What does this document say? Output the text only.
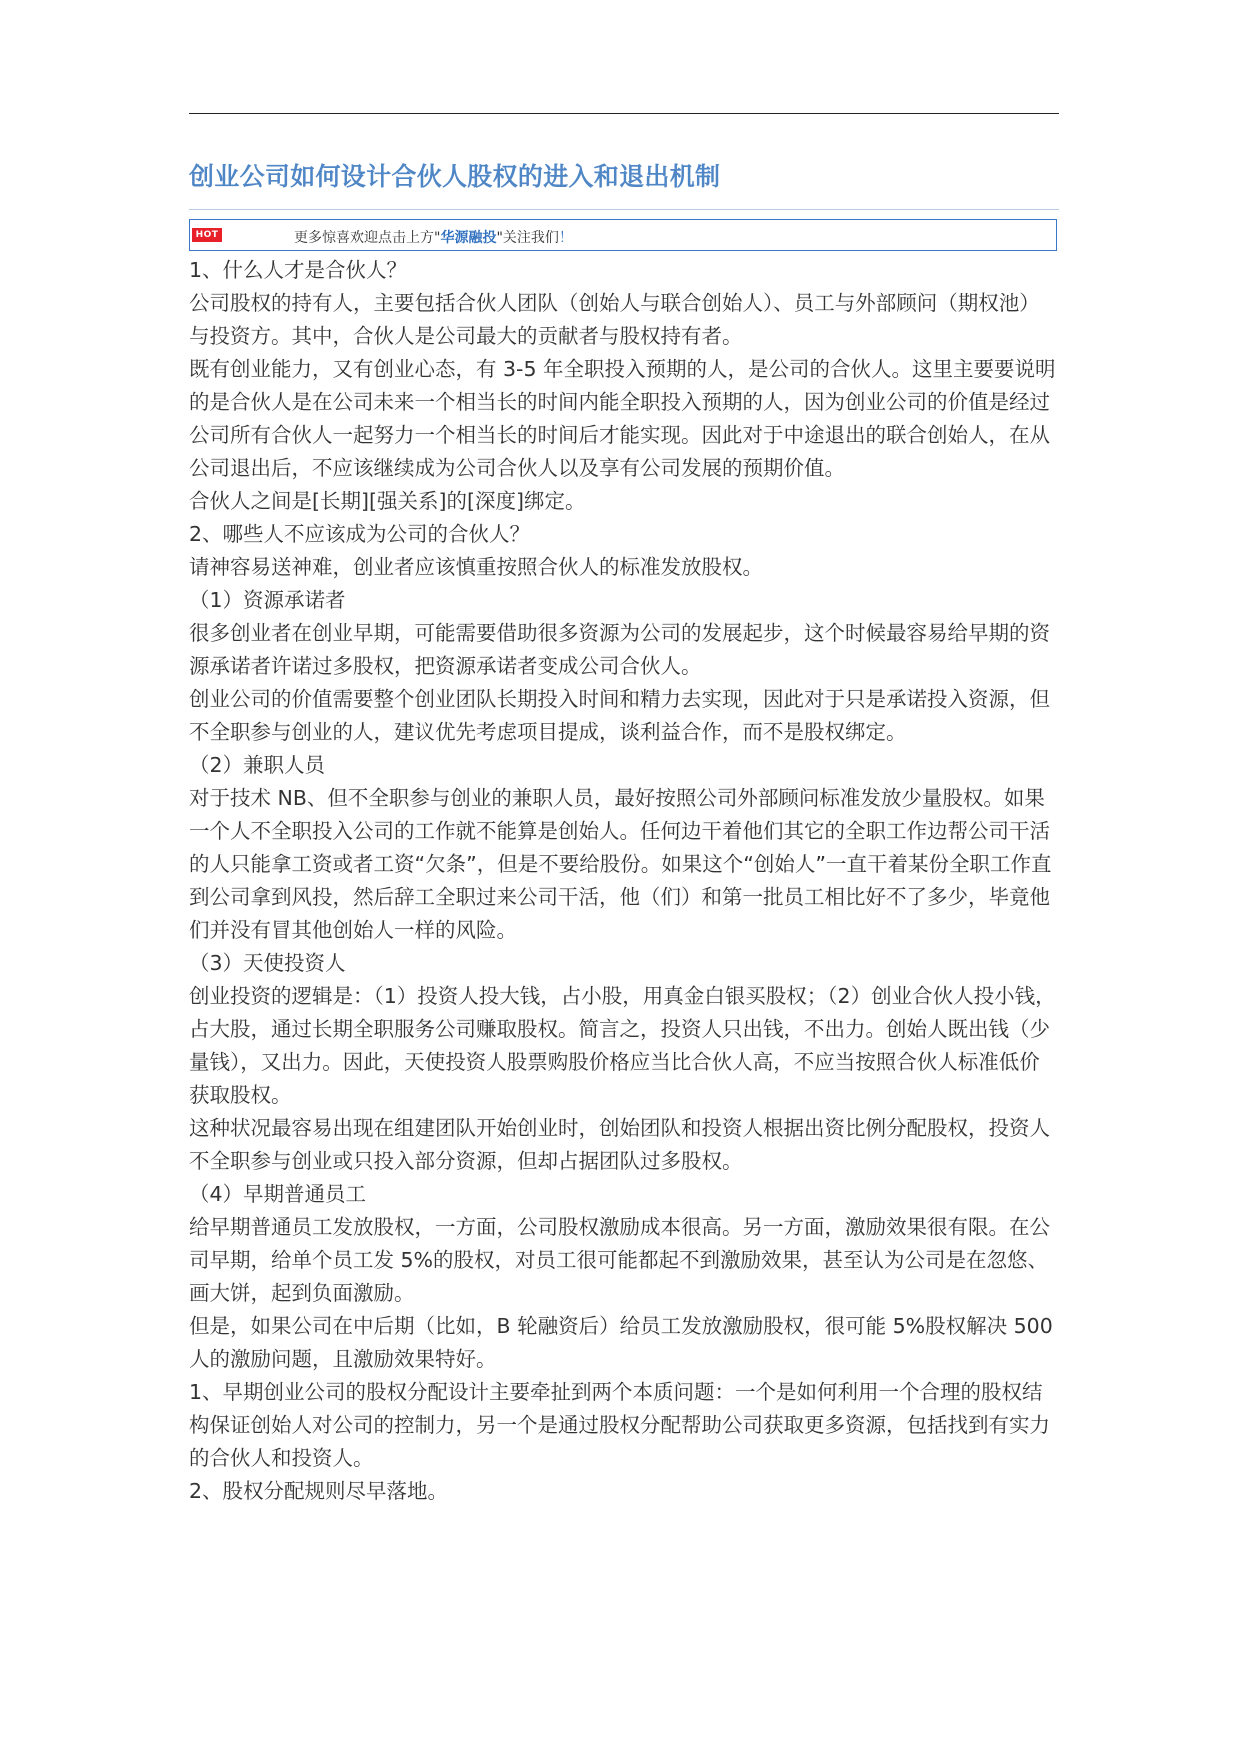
创业公司如何设计合伙人股权的进入和退出机制
HOT	更多惊喜欢迎点击上方"华源融投"关注我们！

1、什么人才是合伙人？

公司股权的持有人，主要包括合伙人团队（创始人与联合创始人）、员工与外部顾问（期权池）与投资方。其中，合伙人是公司最大的贡献者与股权持有者。

既有创业能力，又有创业心态，有 3-5 年全职投入预期的人，是公司的合伙人。这里主要要说明的是合伙人是在公司未来一个相当长的时间内能全职投入预期的人，因为创业公司的价值是经过公司所有合伙人一起努力一个相当长的时间后才能实现。因此对于中途退出的联合创始人，在从公司退出后，不应该继续成为公司合伙人以及享有公司发展的预期价值。

合伙人之间是[长期][强关系]的[深度]绑定。

2、哪些人不应该成为公司的合伙人？

请神容易送神难，创业者应该慎重按照合伙人的标准发放股权。

（1）资源承诺者

很多创业者在创业早期，可能需要借助很多资源为公司的发展起步，这个时候最容易给早期的资源承诺者许诺过多股权，把资源承诺者变成公司合伙人。

创业公司的价值需要整个创业团队长期投入时间和精力去实现，因此对于只是承诺投入资源，但不全职参与创业的人，建议优先考虑项目提成，谈利益合作，而不是股权绑定。

（2）兼职人员

对于技术 NB、但不全职参与创业的兼职人员，最好按照公司外部顾问标准发放少量股权。如果一个人不全职投入公司的工作就不能算是创始人。任何边干着他们其它的全职工作边帮公司干活的人只能拿工资或者工资“欠条”，但是不要给股份。如果这个“创始人”一直干着某份全职工作直到公司拿到风投，然后辞工全职过来公司干活，他（们）和第一批员工相比好不了多少，毕竟他们并没有冒其他创始人一样的风险。

（3）天使投资人

创业投资的逻辑是：（1）投资人投大钱，占小股，用真金白银买股权；（2）创业合伙人投小钱，占大股，通过长期全职服务公司赚取股权。简言之，投资人只出钱，不出力。创始人既出钱（少量钱），又出力。因此，天使投资人股票购股价格应当比合伙人高，不应当按照合伙人标准低价获取股权。

这种状况最容易出现在组建团队开始创业时，创始团队和投资人根据出资比例分配股权，投资人不全职参与创业或只投入部分资源，但却占据团队过多股权。

（4）早期普通员工

给早期普通员工发放股权，一方面，公司股权激励成本很高。另一方面，激励效果很有限。在公司早期，给单个员工发 5%的股权，对员工很可能都起不到激励效果，甚至认为公司是在忽悠、画大饼，起到负面激励。

但是，如果公司在中后期（比如，B 轮融资后）给员工发放激励股权，很可能 5%股权解决 500 人的激励问题，且激励效果特好。

1、早期创业公司的股权分配设计主要牵扯到两个本质问题：一个是如何利用一个合理的股权结构保证创始人对公司的控制力，另一个是通过股权分配帮助公司获取更多资源，包括找到有实力的合伙人和投资人。

2、股权分配规则尽早落地。
